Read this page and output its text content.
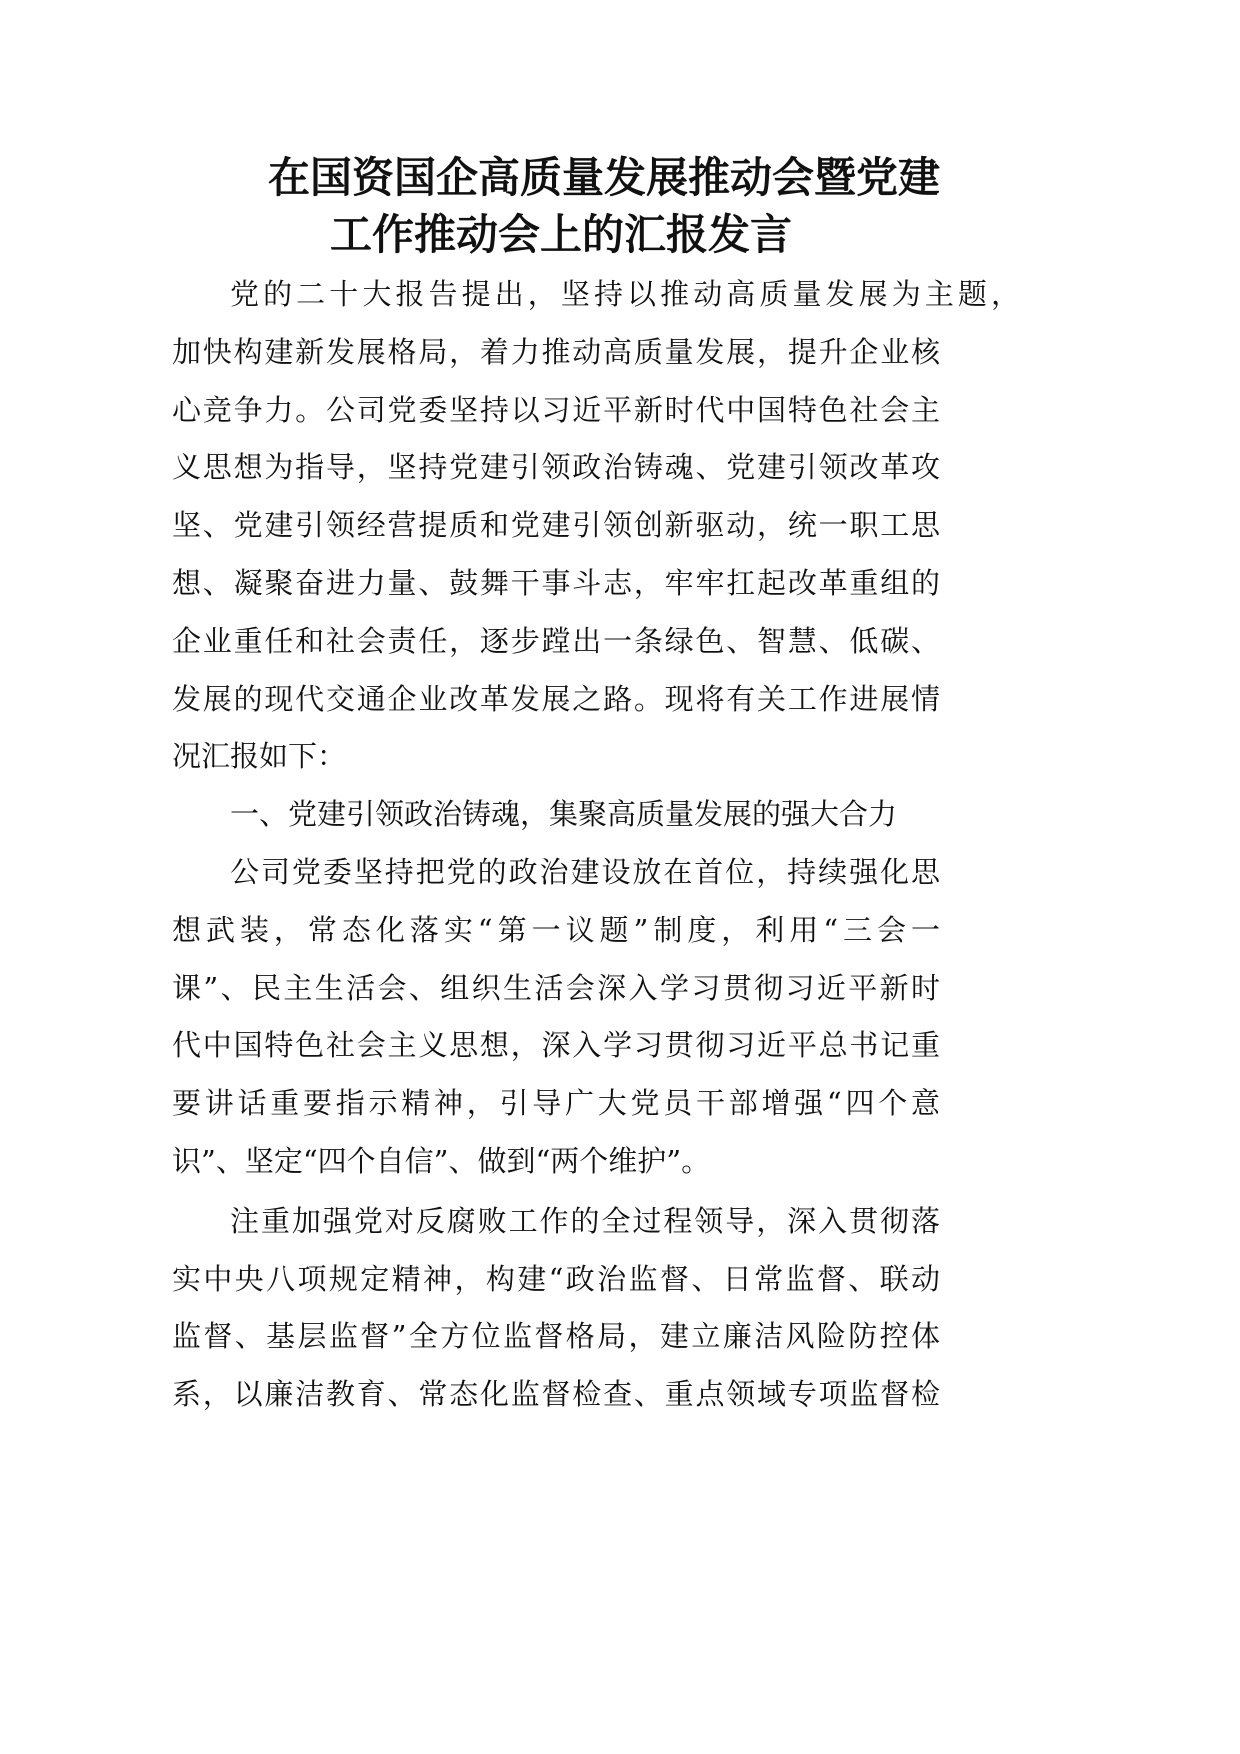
在国资国企高质量发展推动会暨党建
工作推动会上的汇报发言
党的二十大报告提出，坚持以推动高质量发展为主题，
加快构建新发展格局，着力推动高质量发展，提升企业核
心竞争力。公司党委坚持以习近平新时代中国特色社会主
义思想为指导，坚持党建引领政治铸魂、党建引领改革攻
坚、党建引领经营提质和党建引领创新驱动，统一职工思
想、凝聚奋进力量、鼓舞干事斗志，牢牢扛起改革重组的
企业重任和社会责任，逐步蹚出一条绿色、智慧、低碳、
发展的现代交通企业改革发展之路。现将有关工作进展情
况汇报如下：
一、党建引领政治铸魂，集聚高质量发展的强大合力
公司党委坚持把党的政治建设放在首位，持续强化思
想武装，常态化落实“第一议题”制度，利用“三会一
课”、民主生活会、组织生活会深入学习贯彻习近平新时
代中国特色社会主义思想，深入学习贯彻习近平总书记重
要讲话重要指示精神，引导广大党员干部增强“四个意
识”、坚定“四个自信”、做到“两个维护”。
注重加强党对反腐败工作的全过程领导，深入贯彻落
实中央八项规定精神，构建“政治监督、日常监督、联动
监督、基层监督”全方位监督格局，建立廉洁风险防控体
系，以廉洁教育、常态化监督检查、重点领域专项监督检
